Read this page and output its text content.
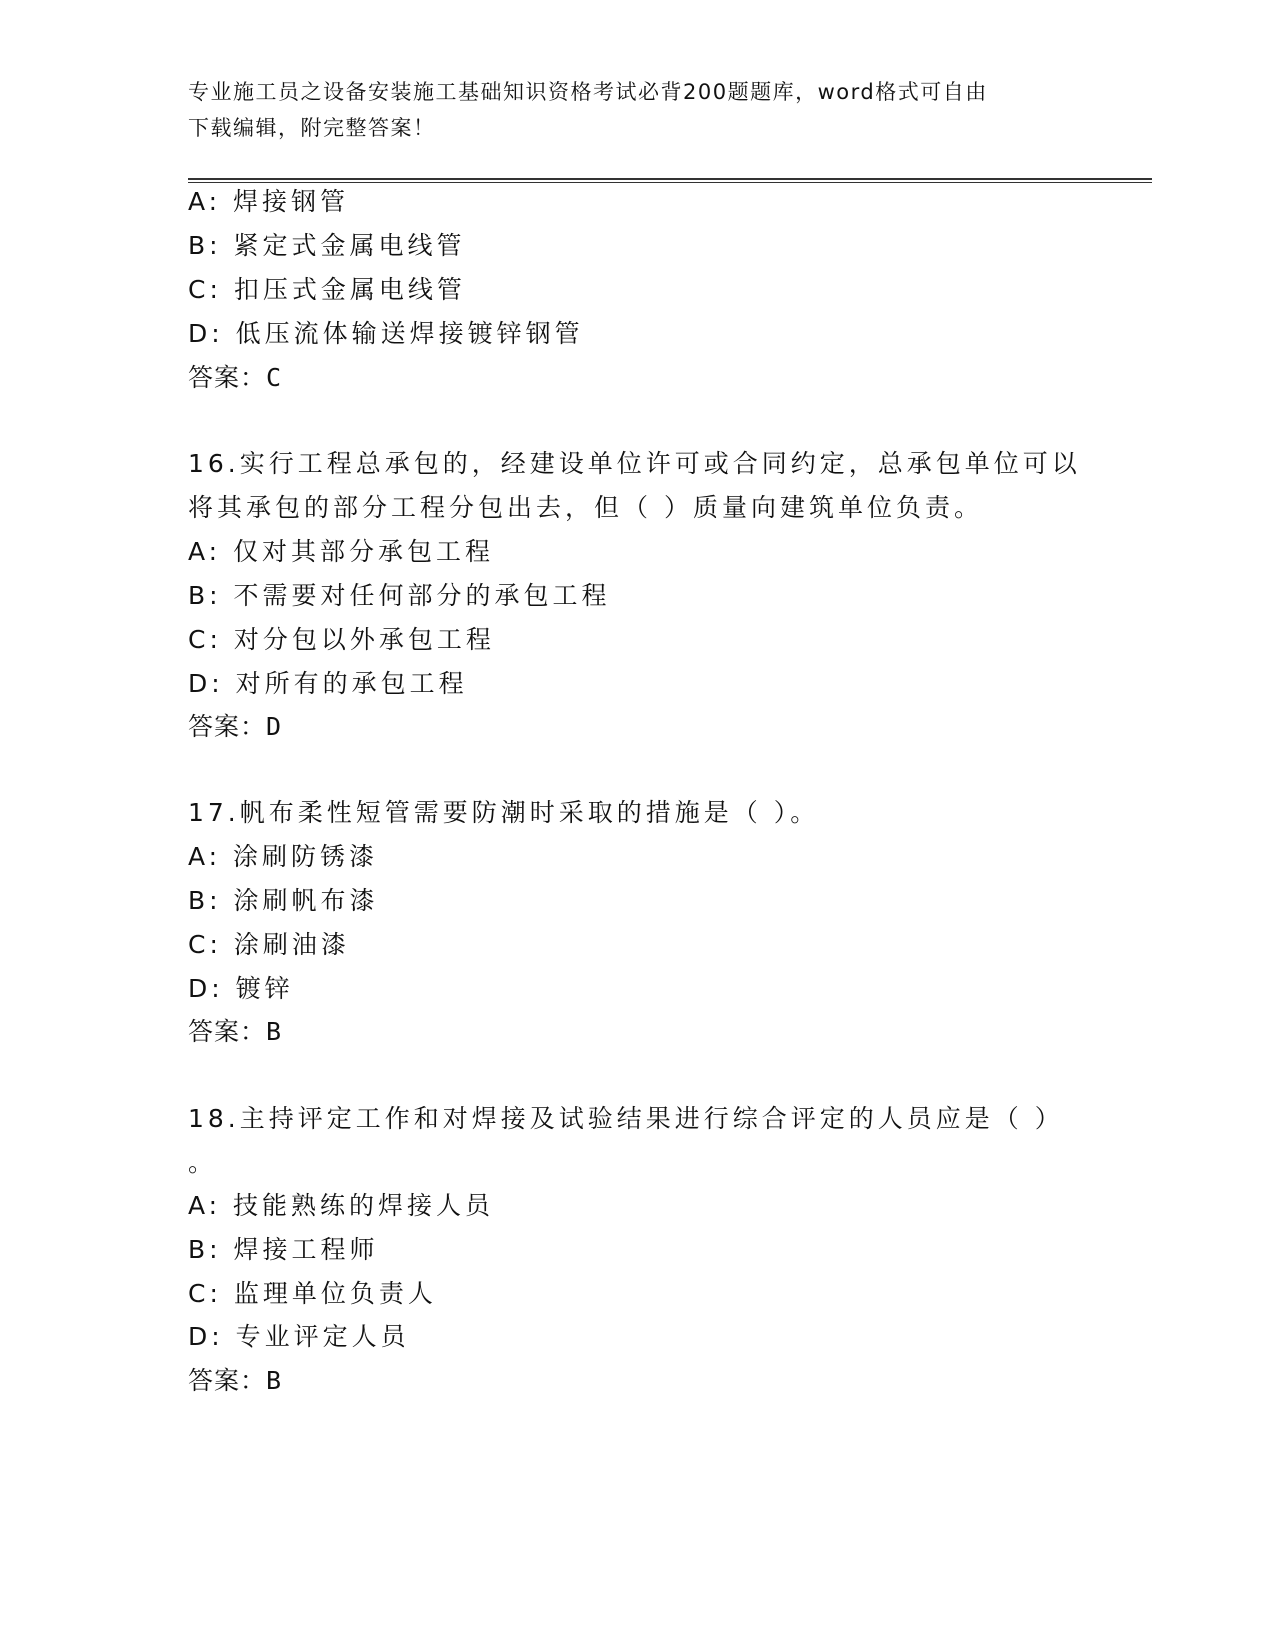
专业施工员之设备安装施工基础知识资格考试必背200题题库，word格式可自由
下载编辑，附完整答案！
A: 焊接钢管
B: 紧定式金属电线管
C: 扣压式金属电线管
D: 低压流体输送焊接镀锌钢管
答案：C
16.实行工程总承包的，经建设单位许可或合同约定，总承包单位可以
将其承包的部分工程分包出去，但（ ）质量向建筑单位负责。
A: 仅对其部分承包工程
B: 不需要对任何部分的承包工程
C: 对分包以外承包工程
D: 对所有的承包工程
答案：D
17.帆布柔性短管需要防潮时采取的措施是（ ）。
A: 涂刷防锈漆
B: 涂刷帆布漆
C: 涂刷油漆
D: 镀锌
答案：B
18.主持评定工作和对焊接及试验结果进行综合评定的人员应是（ ）
。
A: 技能熟练的焊接人员
B: 焊接工程师
C: 监理单位负责人
D: 专业评定人员
答案：B
